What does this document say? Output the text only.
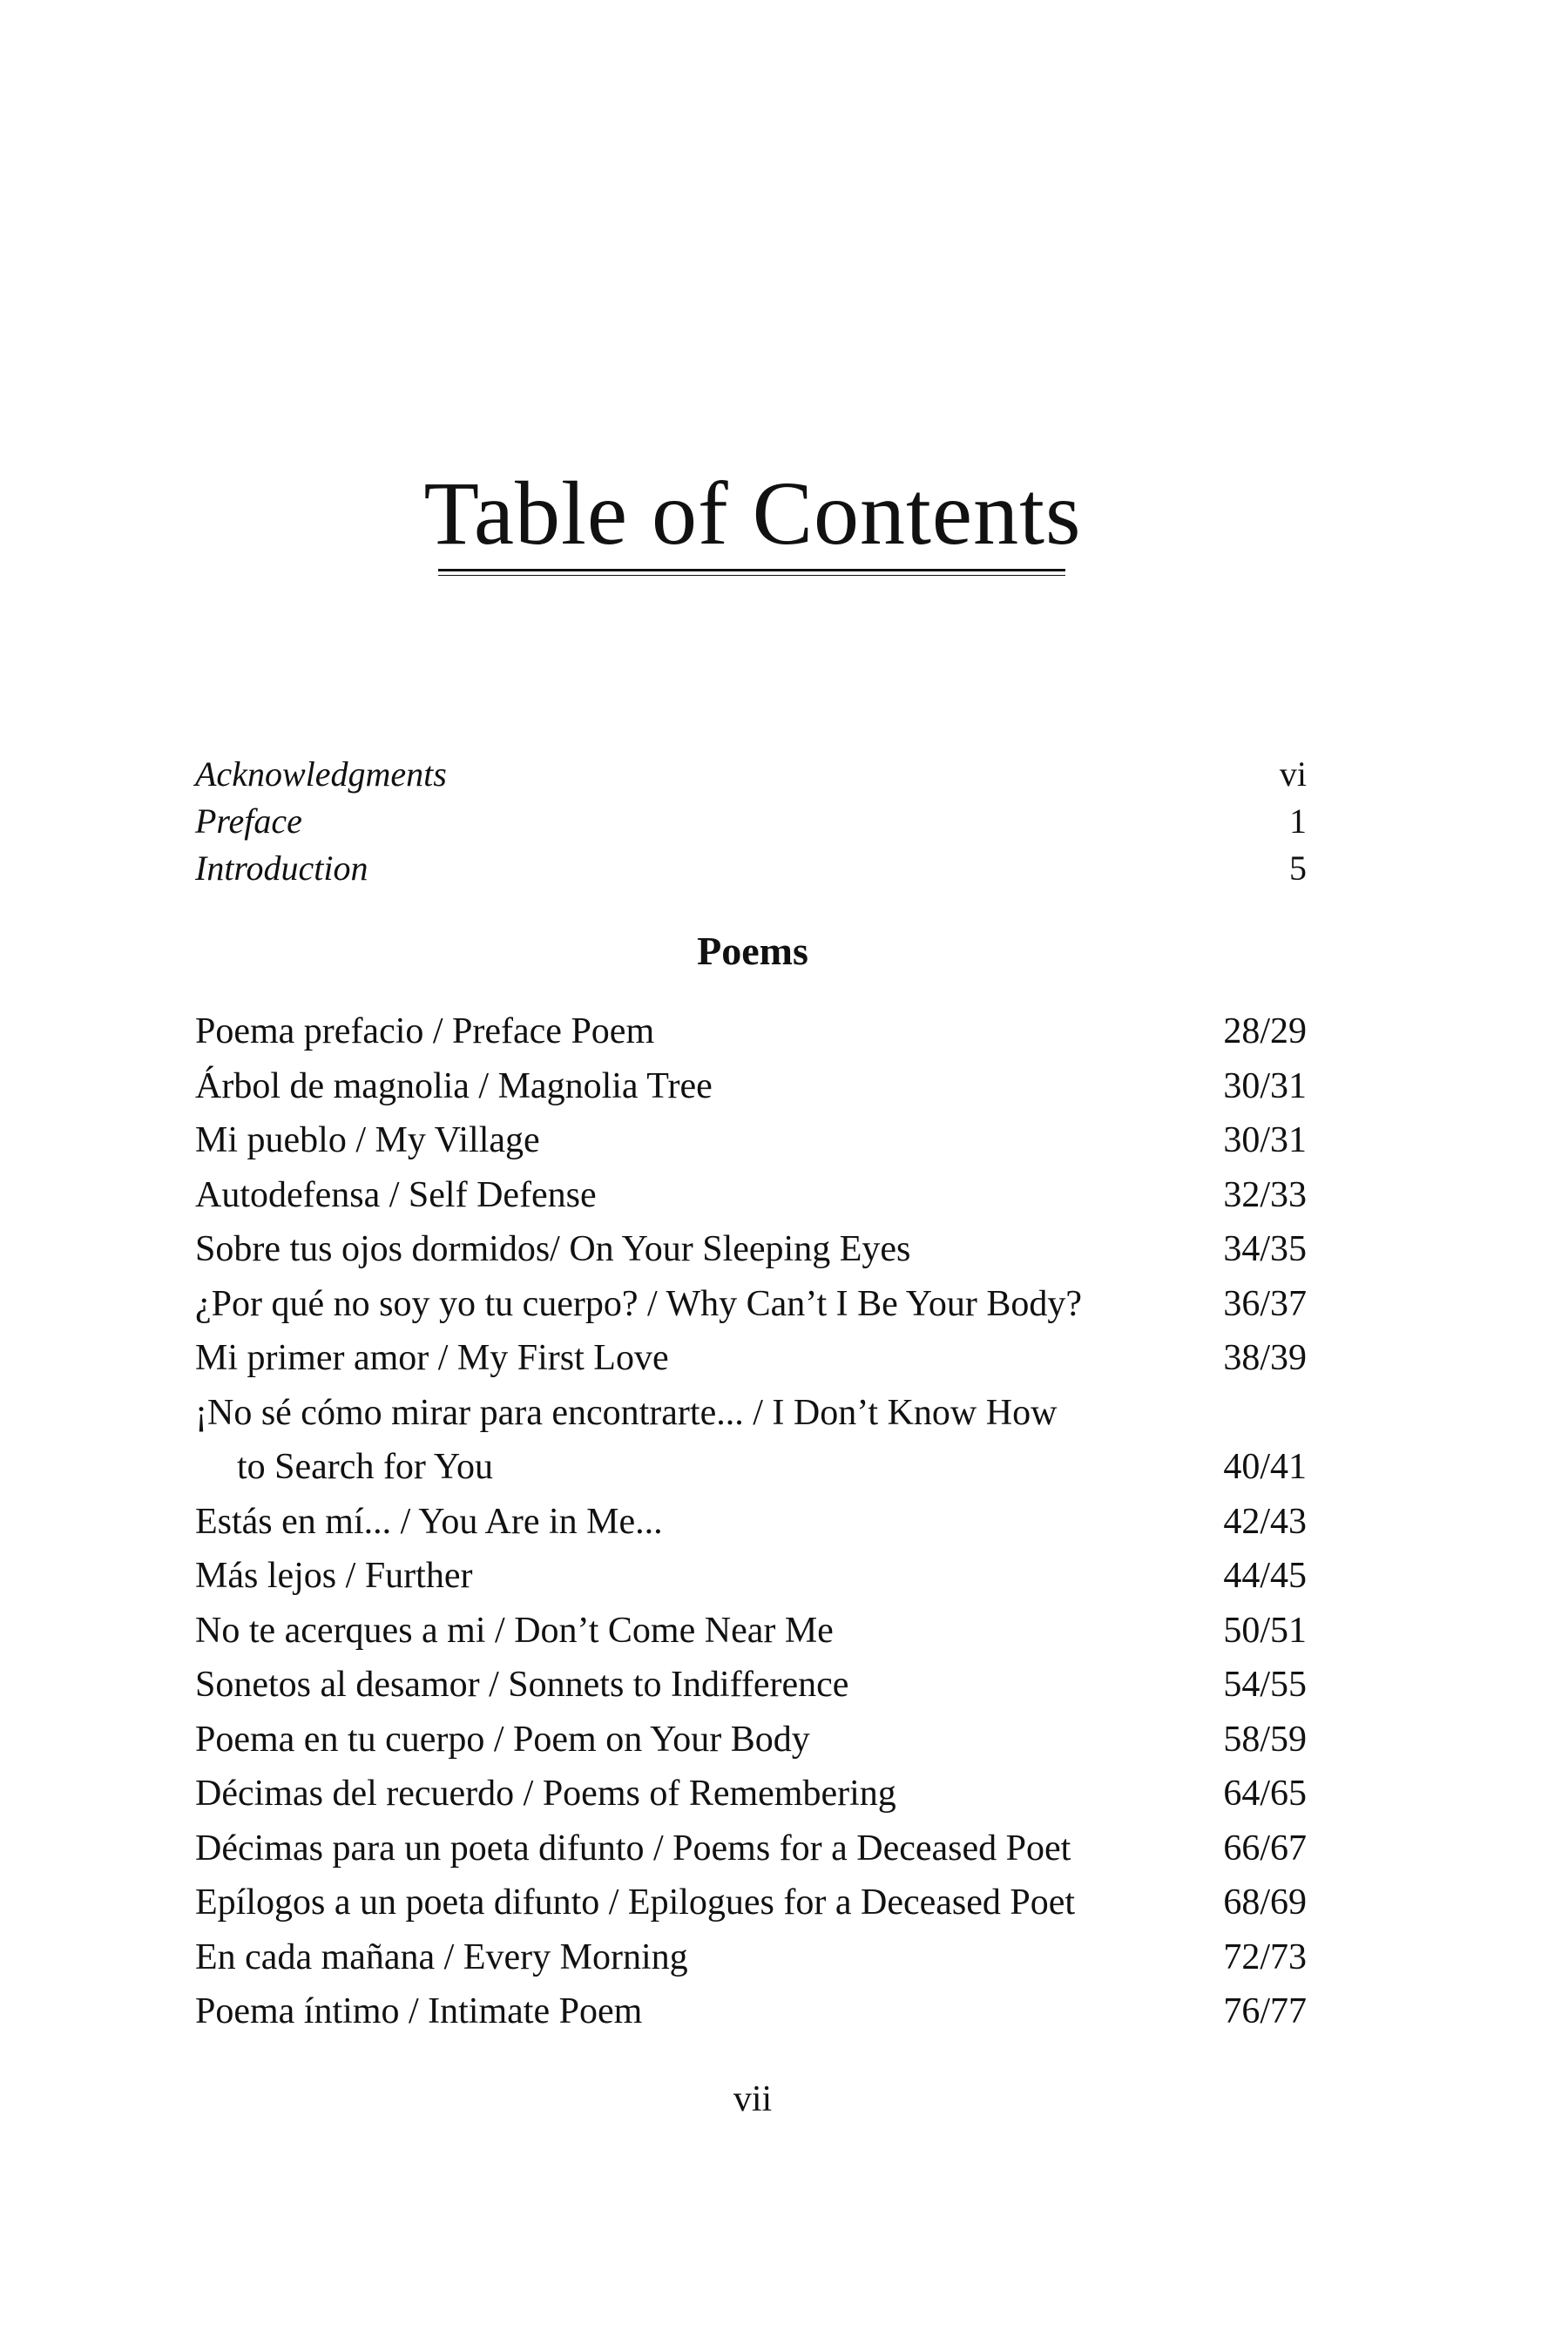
Table of Contents
Acknowledgments	vi
Preface	1
Introduction	5
Poems
Poema prefacio / Preface Poem	28/29
Árbol de magnolia / Magnolia Tree	30/31
Mi pueblo / My Village	30/31
Autodefensa / Self Defense	32/33
Sobre tus ojos dormidos/ On Your Sleeping Eyes	34/35
¿Por qué no soy yo tu cuerpo? / Why Can’t I Be Your Body?	36/37
Mi primer amor / My First Love	38/39
¡No sé cómo mirar para encontrarte... / I Don’t Know How
to Search for You	40/41
Estás en mí... / You Are in Me...	42/43
Más lejos / Further	44/45
No te acerques a mi / Don’t Come Near Me	50/51
Sonetos al desamor / Sonnets to Indifference	54/55
Poema en tu cuerpo / Poem on Your Body	58/59
Décimas del recuerdo / Poems of Remembering	64/65
Décimas para un poeta difunto / Poems for a Deceased Poet	66/67
Epílogos a un poeta difunto / Epilogues for a Deceased Poet	68/69
En cada mañana / Every Morning	72/73
Poema íntimo / Intimate Poem	76/77
vii
